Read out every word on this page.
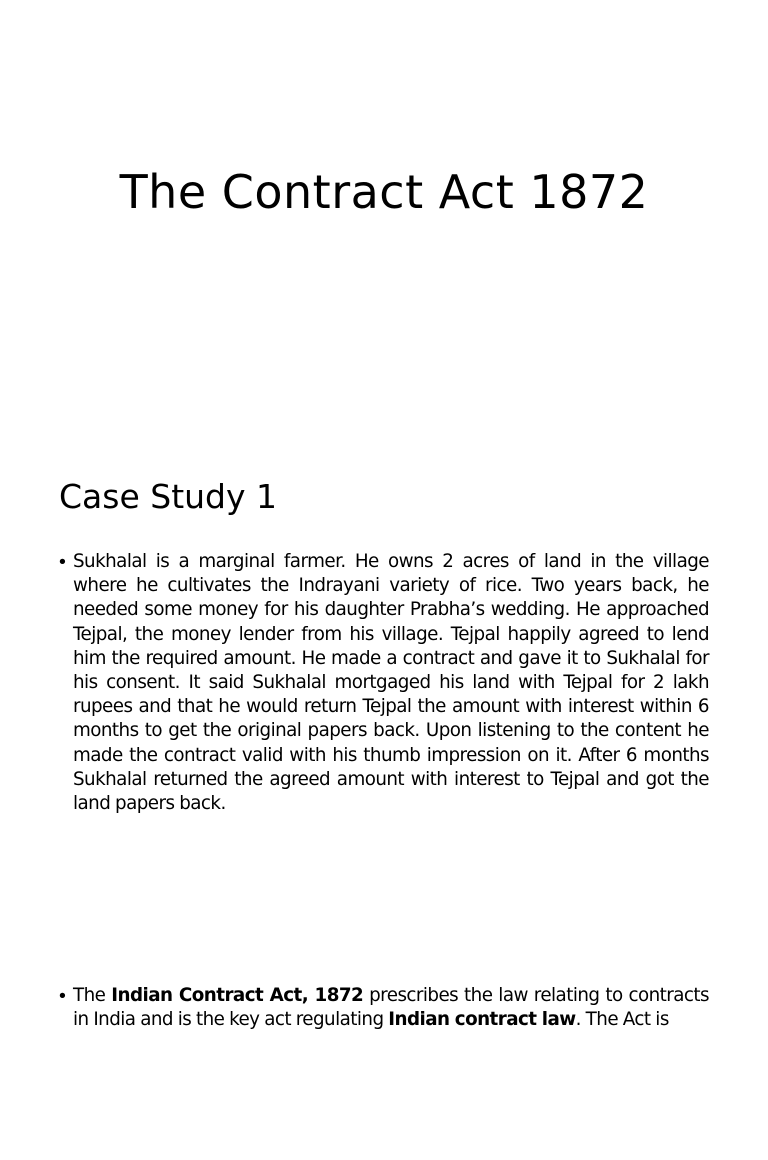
The Contract Act 1872
Case Study 1
• Sukhalal is a marginal farmer. He owns 2 acres of land in the village where he cultivates the Indrayani variety of rice. Two years back, he needed some money for his daughter Prabha’s wedding. He approached Tejpal, the money lender from his village. Tejpal happily agreed to lend him the required amount. He made a contract and gave it to Sukhalal for his consent. It said Sukhalal mortgaged his land with Tejpal for 2 lakh rupees and that he would return Tejpal the amount with interest within 6 months to get the original papers back. Upon listening to the content he made the contract valid with his thumb impression on it. After 6 months Sukhalal returned the agreed amount with interest to Tejpal and got the land papers back.

• The Indian Contract Act, 1872 prescribes the law relating to contracts in India and is the key act regulating Indian contract law. The Act is
